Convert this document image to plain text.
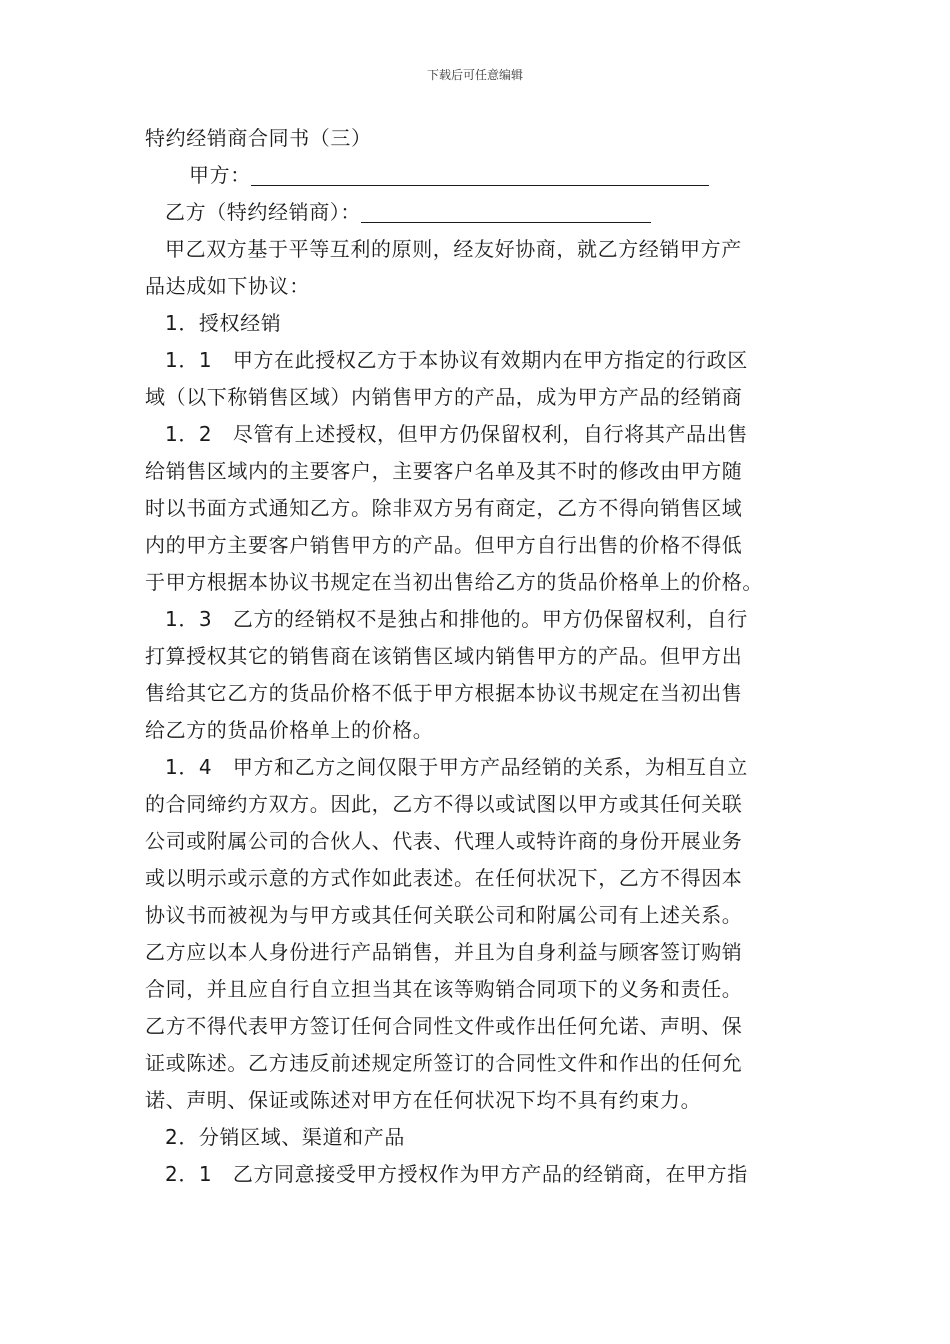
下载后可任意编辑
特约经销商合同书（三）
甲方：
乙方（特约经销商）：
甲乙双方基于平等互利的原则，经友好协商，就乙方经销甲方产
品达成如下协议：
1．授权经销
1．1　甲方在此授权乙方于本协议有效期内在甲方指定的行政区
域（以下称销售区域）内销售甲方的产品，成为甲方产品的经销商
1．2　尽管有上述授权，但甲方仍保留权利，自行将其产品出售
给销售区域内的主要客户，主要客户名单及其不时的修改由甲方随
时以书面方式通知乙方。除非双方另有商定，乙方不得向销售区域
内的甲方主要客户销售甲方的产品。但甲方自行出售的价格不得低
于甲方根据本协议书规定在当初出售给乙方的货品价格单上的价格。
1．3　乙方的经销权不是独占和排他的。甲方仍保留权利，自行
打算授权其它的销售商在该销售区域内销售甲方的产品。但甲方出
售给其它乙方的货品价格不低于甲方根据本协议书规定在当初出售
给乙方的货品价格单上的价格。
1．4　甲方和乙方之间仅限于甲方产品经销的关系，为相互自立
的合同缔约方双方。因此，乙方不得以或试图以甲方或其任何关联
公司或附属公司的合伙人、代表、代理人或特许商的身份开展业务
或以明示或示意的方式作如此表述。在任何状况下，乙方不得因本
协议书而被视为与甲方或其任何关联公司和附属公司有上述关系。
乙方应以本人身份进行产品销售，并且为自身利益与顾客签订购销
合同，并且应自行自立担当其在该等购销合同项下的义务和责任。
乙方不得代表甲方签订任何合同性文件或作出任何允诺、声明、保
证或陈述。乙方违反前述规定所签订的合同性文件和作出的任何允
诺、声明、保证或陈述对甲方在任何状况下均不具有约束力。
2．分销区域、渠道和产品
2．1　乙方同意接受甲方授权作为甲方产品的经销商，在甲方指
